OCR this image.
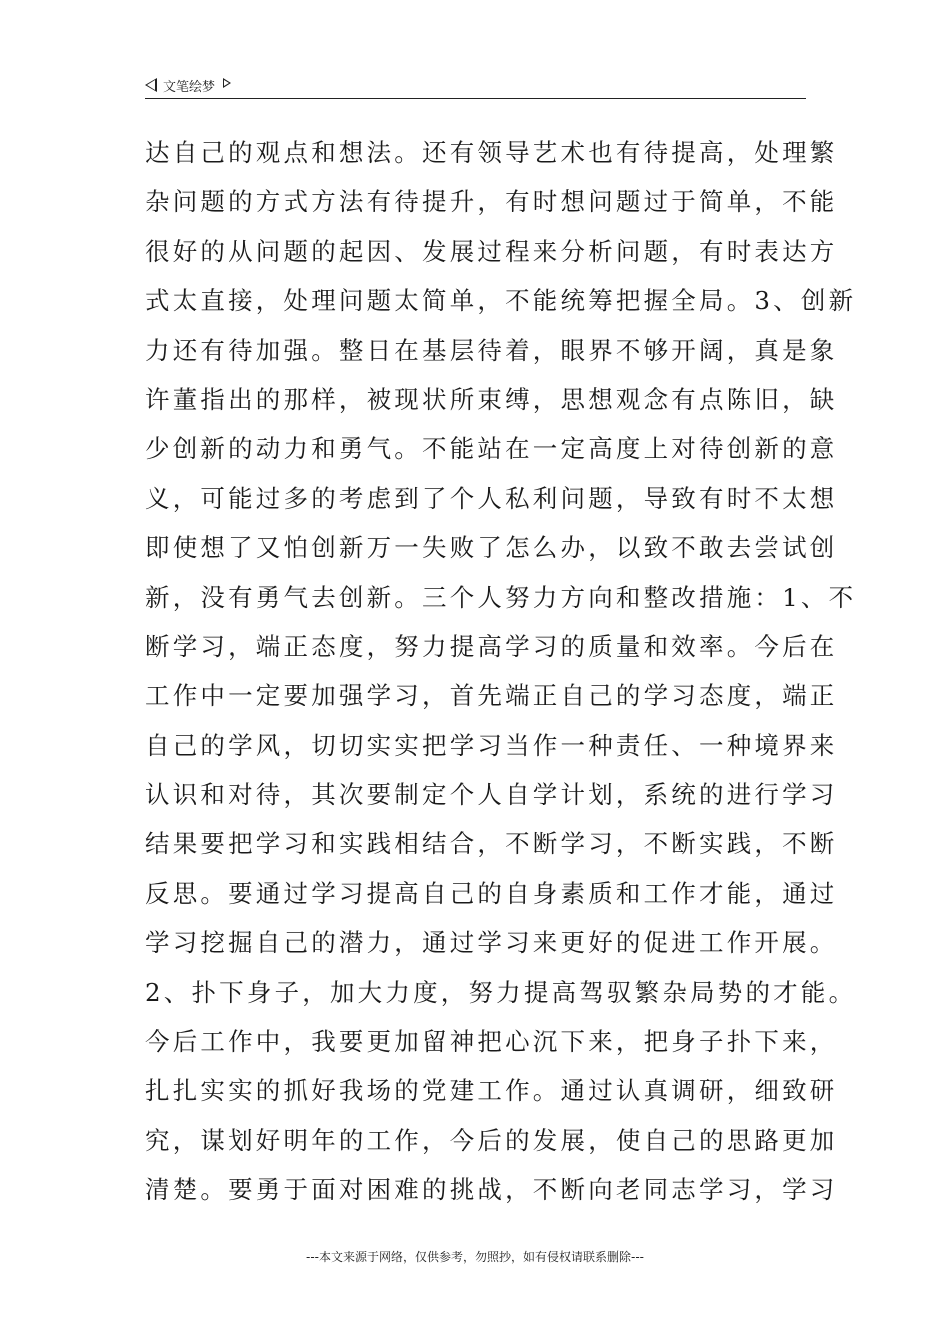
文笔绘梦
达自己的观点和想法。还有领导艺术也有待提高，处理繁
杂问题的方式方法有待提升，有时想问题过于简单，不能
很好的从问题的起因、发展过程来分析问题，有时表达方
式太直接，处理问题太简单，不能统筹把握全局。3、创新
力还有待加强。整日在基层待着，眼界不够开阔，真是象
许董指出的那样，被现状所束缚，思想观念有点陈旧，缺
少创新的动力和勇气。不能站在一定高度上对待创新的意
义，可能过多的考虑到了个人私利问题，导致有时不太想
即使想了又怕创新万一失败了怎么办，以致不敢去尝试创
新，没有勇气去创新。三个人努力方向和整改措施：1、不
断学习，端正态度，努力提高学习的质量和效率。今后在
工作中一定要加强学习，首先端正自己的学习态度，端正
自己的学风，切切实实把学习当作一种责任、一种境界来
认识和对待，其次要制定个人自学计划，系统的进行学习
结果要把学习和实践相结合，不断学习，不断实践，不断
反思。要通过学习提高自己的自身素质和工作才能，通过
学习挖掘自己的潜力，通过学习来更好的促进工作开展。
2、扑下身子，加大力度，努力提高驾驭繁杂局势的才能。
今后工作中，我要更加留神把心沉下来，把身子扑下来，
扎扎实实的抓好我场的党建工作。通过认真调研，细致研
究，谋划好明年的工作，今后的发展，使自己的思路更加
清楚。要勇于面对困难的挑战，不断向老同志学习，学习
---本文来源于网络，仅供参考，勿照抄，如有侵权请联系删除---
